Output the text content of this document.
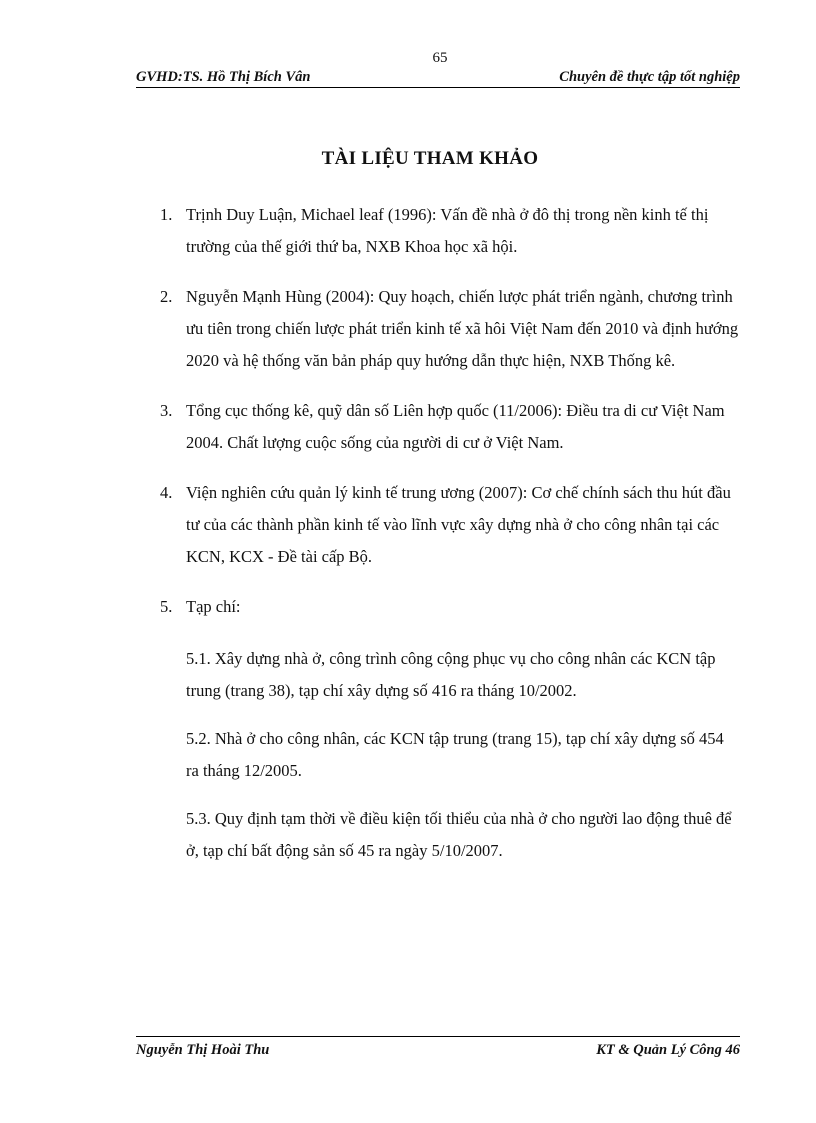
65
GVHD:TS. Hồ Thị Bích Vân	Chuyên đề thực tập tốt nghiệp
TÀI LIỆU THAM KHẢO
1. Trịnh Duy Luận, Michael leaf (1996): Vấn đề nhà ở đô thị trong nền kinh tế thị trường của thế giới thứ ba, NXB Khoa học xã hội.
2. Nguyễn Mạnh Hùng (2004): Quy hoạch, chiến lược phát triển ngành, chương trình ưu tiên trong chiến lược phát triển kinh tế xã hôi Việt Nam đến 2010 và định hướng 2020 và hệ thống văn bản pháp quy hướng dẫn thực hiện, NXB Thống kê.
3. Tổng cục thống kê, quỹ dân số Liên hợp quốc (11/2006): Điều tra di cư Việt Nam 2004. Chất lượng cuộc sống của người di cư ở Việt Nam.
4. Viện nghiên cứu quản lý kinh tế trung ương (2007): Cơ chế chính sách thu hút đầu tư của các thành phần kinh tế vào lĩnh vực xây dựng nhà ở cho công nhân tại các KCN, KCX - Đề tài cấp Bộ.
5. Tạp chí:
5.1. Xây dựng nhà ở, công trình công cộng phục vụ cho công nhân các KCN tập trung (trang 38), tạp chí xây dựng số 416 ra tháng 10/2002.
5.2. Nhà ở cho công nhân, các KCN tập trung (trang 15), tạp chí xây dựng số 454 ra tháng 12/2005.
5.3. Quy định tạm thời về điều kiện tối thiểu của nhà ở cho người lao động thuê để ở, tạp chí bất động sản số 45 ra ngày 5/10/2007.
Nguyễn Thị Hoài Thu	KT & Quản Lý Công 46
